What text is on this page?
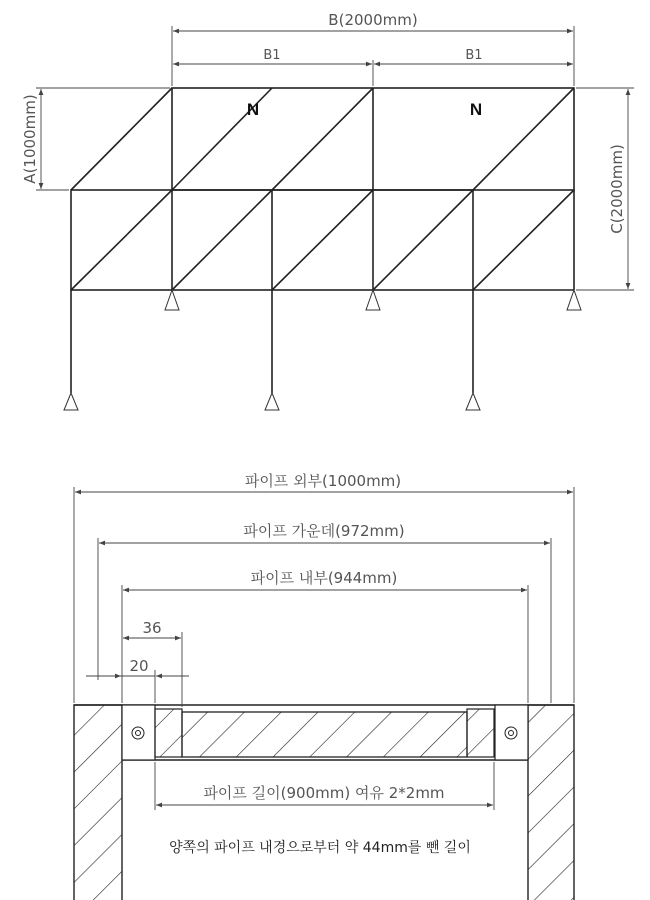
N	N
B(2000mm)
B1	B1
A(1000mm)
C(2000mm)
파이프 외부(1000mm)
파이프 가운데(972mm)
파이프 내부(944mm)
36
20
파이프 길이(900mm) 여유 2*2mm
양쪽의 파이프 내경으로부터 약 44mm를 뺀 길이
